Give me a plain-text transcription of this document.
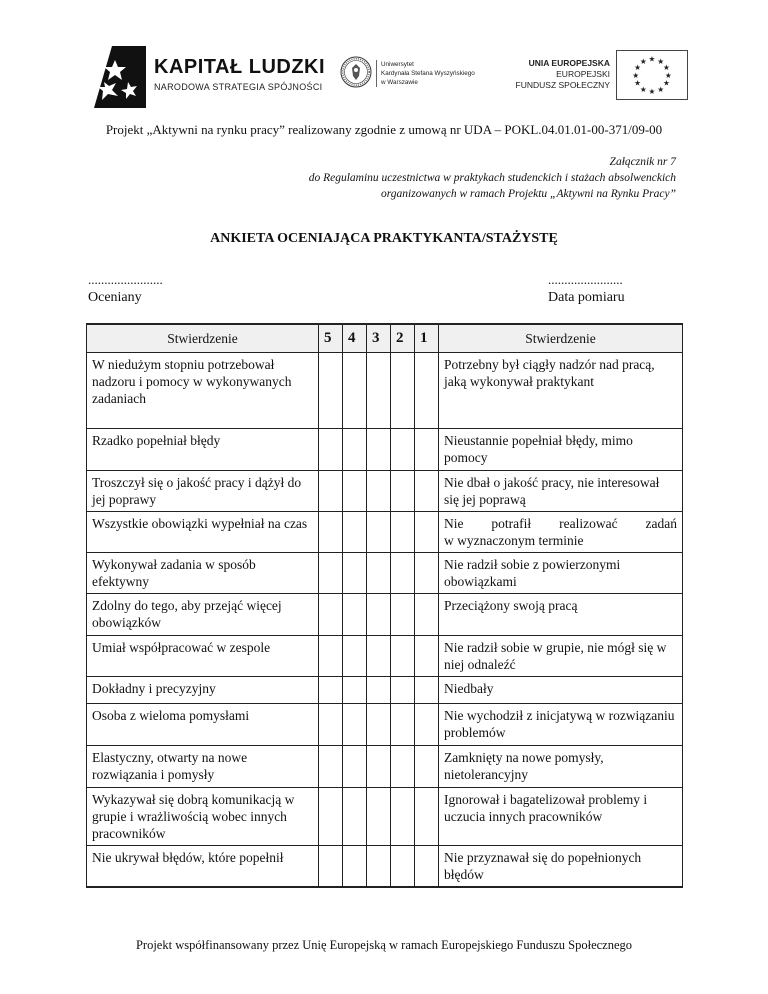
KAPITAŁ LUDZKI
NARODOWA STRATEGIA SPÓJNOŚCI
Uniwersytet
Kardynała Stefana Wyszyńskiego
w Warszawie
UNIA EUROPEJSKA
EUROPEJSKI
FUNDUSZ SPOŁECZNY
★ ★
★
★
★
★
★
★
★
★
★
★
Projekt „Aktywni na rynku pracy” realizowany zgodnie z umową nr UDA – POKL.04.01.01-00-371/09-00
Załącznik nr 7
do Regulaminu uczestnictwa w praktykach studenckich i stażach absolwenckich
organizowanych w ramach Projektu „Aktywni na Rynku Pracy”
ANKIETA OCENIAJĄCA PRAKTYKANTA/STAŻYSTĘ
.......................
Oceniany
.......................
Data pomiaru
Stwierdzenie	5	4	3	2	1	Stwierdzenie
W niedużym stopniu potrzebował nadzoru i pomocy w wykonywanych zadaniach						Potrzebny był ciągły nadzór nad pracą, jaką wykonywał praktykant
Rzadko popełniał błędy						Nieustannie popełniał błędy, mimo pomocy
Troszczył się o jakość pracy i dążył do jej poprawy						Nie dbał o jakość pracy, nie interesował się jej poprawą
Wszystkie obowiązki wypełniał na czas						Nie potrafił realizować zadań
w wyznaczonym terminie

Wykonywał zadania w sposób efektywny						Nie radził sobie z powierzonymi obowiązkami
Zdolny do tego, aby przejąć więcej obowiązków						Przeciążony swoją pracą
Umiał współpracować w zespole						Nie radził sobie w grupie, nie mógł się w niej odnaleźć
Dokładny i precyzyjny						Niedbały
Osoba z wieloma pomysłami						Nie wychodził z inicjatywą w rozwiązaniu problemów
Elastyczny, otwarty na nowe rozwiązania i pomysły						Zamknięty na nowe pomysły, nietolerancyjny
Wykazywał się dobrą komunikacją w grupie i wrażliwością wobec innych pracowników						Ignorował i bagatelizował problemy i uczucia innych pracowników
Nie ukrywał błędów, które popełnił						Nie przyznawał się do popełnionych błędów
Projekt współfinansowany przez Unię Europejską w ramach Europejskiego Funduszu Społecznego
